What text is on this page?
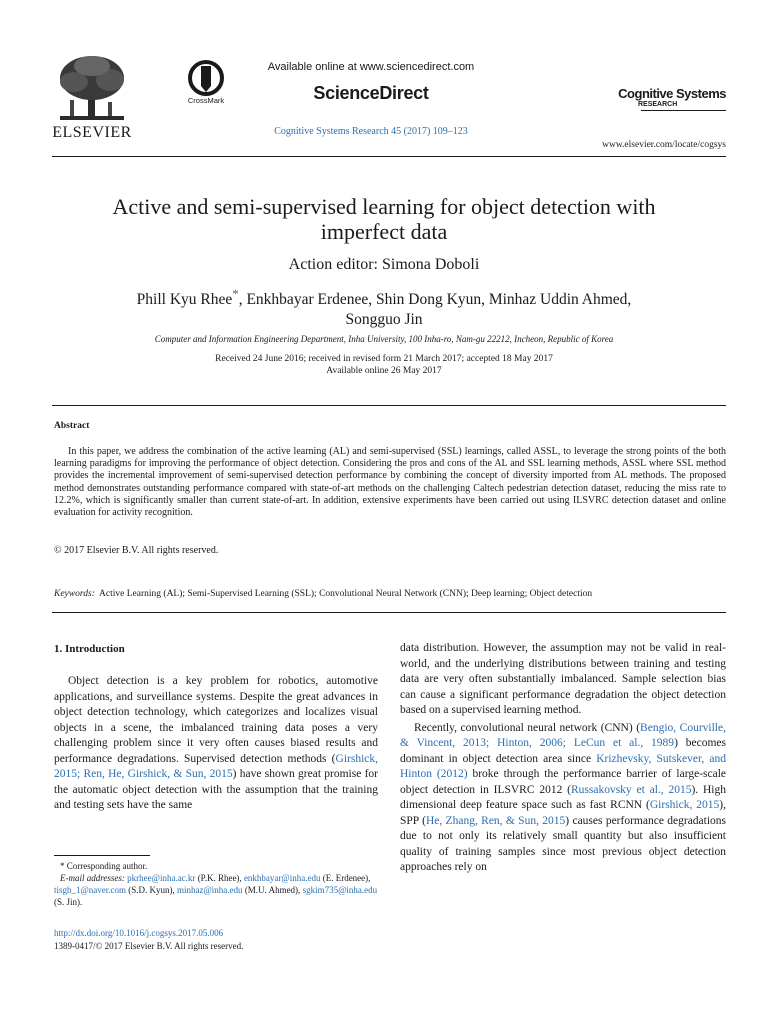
ELSEVIER
CrossMark
Available online at www.sciencedirect.com
ScienceDirect
Cognitive Systems Research 45 (2017) 109–123
Cognitive Systems
RESEARCH
www.elsevier.com/locate/cogsys
Active and semi-supervised learning for object detection with
imperfect data
Action editor: Simona Doboli
Phill Kyu Rhee*, Enkhbayar Erdenee, Shin Dong Kyun, Minhaz Uddin Ahmed,
Songguo Jin
Computer and Information Engineering Department, Inha University, 100 Inha-ro, Nam-gu 22212, Incheon, Republic of Korea
Received 24 June 2016; received in revised form 21 March 2017; accepted 18 May 2017
Available online 26 May 2017
Abstract
In this paper, we address the combination of the active learning (AL) and semi-supervised (SSL) learnings, called ASSL, to leverage the strong points of the both learning paradigms for improving the performance of object detection. Considering the pros and cons of the AL and SSL learning methods, ASSL where SSL method provides the incremental improvement of semi-supervised detection performance by combining the concept of diversity imported from AL methods. The proposed method demonstrates outstanding performance compared with state-of-art methods on the challenging Caltech pedestrian detection dataset, reducing the miss rate to 12.2%, which is significantly smaller than current state-of-art. In addition, extensive experiments have been carried out using ILSVRC detection dataset and online evaluation for activity recognition.
© 2017 Elsevier B.V. All rights reserved.
Keywords: Active Learning (AL); Semi-Supervised Learning (SSL); Convolutional Neural Network (CNN); Deep learning; Object detection
1. Introduction
Object detection is a key problem for robotics, automotive applications, and surveillance systems. Despite the great advances in object detection technology, which categorizes and localizes visual objects in a scene, the imbalanced training data poses a very challenging problem since it very often causes biased results and performance degradations. Supervised detection methods (Girshick, 2015; Ren, He, Girshick, & Sun, 2015) have shown great promise for the automatic object detection with the assumption that the training and testing sets have the same
data distribution. However, the assumption may not be valid in real-world, and the underlying distributions between training and testing data are very often substantially imbalanced. Sample selection bias can cause a significant performance degradation the object detection based on a supervised learning method.
Recently, convolutional neural network (CNN) (Bengio, Courville, & Vincent, 2013; Hinton, 2006; LeCun et al., 1989) becomes dominant in object detection area since Krizhevsky, Sutskever, and Hinton (2012) broke through the performance barrier of large-scale object detection in ILSVRC 2012 (Russakovsky et al., 2015). High dimensional deep feature space such as fast RCNN (Girshick, 2015), SPP (He, Zhang, Ren, & Sun, 2015) causes performance degradations due to not only its relatively small quantity but also insufficient quality of training samples since most previous object detection approaches rely on
* Corresponding author.
E-mail addresses: pkrhee@inha.ac.kr (P.K. Rhee), enkhbayar@inha.edu (E. Erdenee), tisgb_1@naver.com (S.D. Kyun), minhaz@inha.edu (M.U. Ahmed), sgkim735@inha.edu (S. Jin).
http://dx.doi.org/10.1016/j.cogsys.2017.05.006
1389-0417/© 2017 Elsevier B.V. All rights reserved.
